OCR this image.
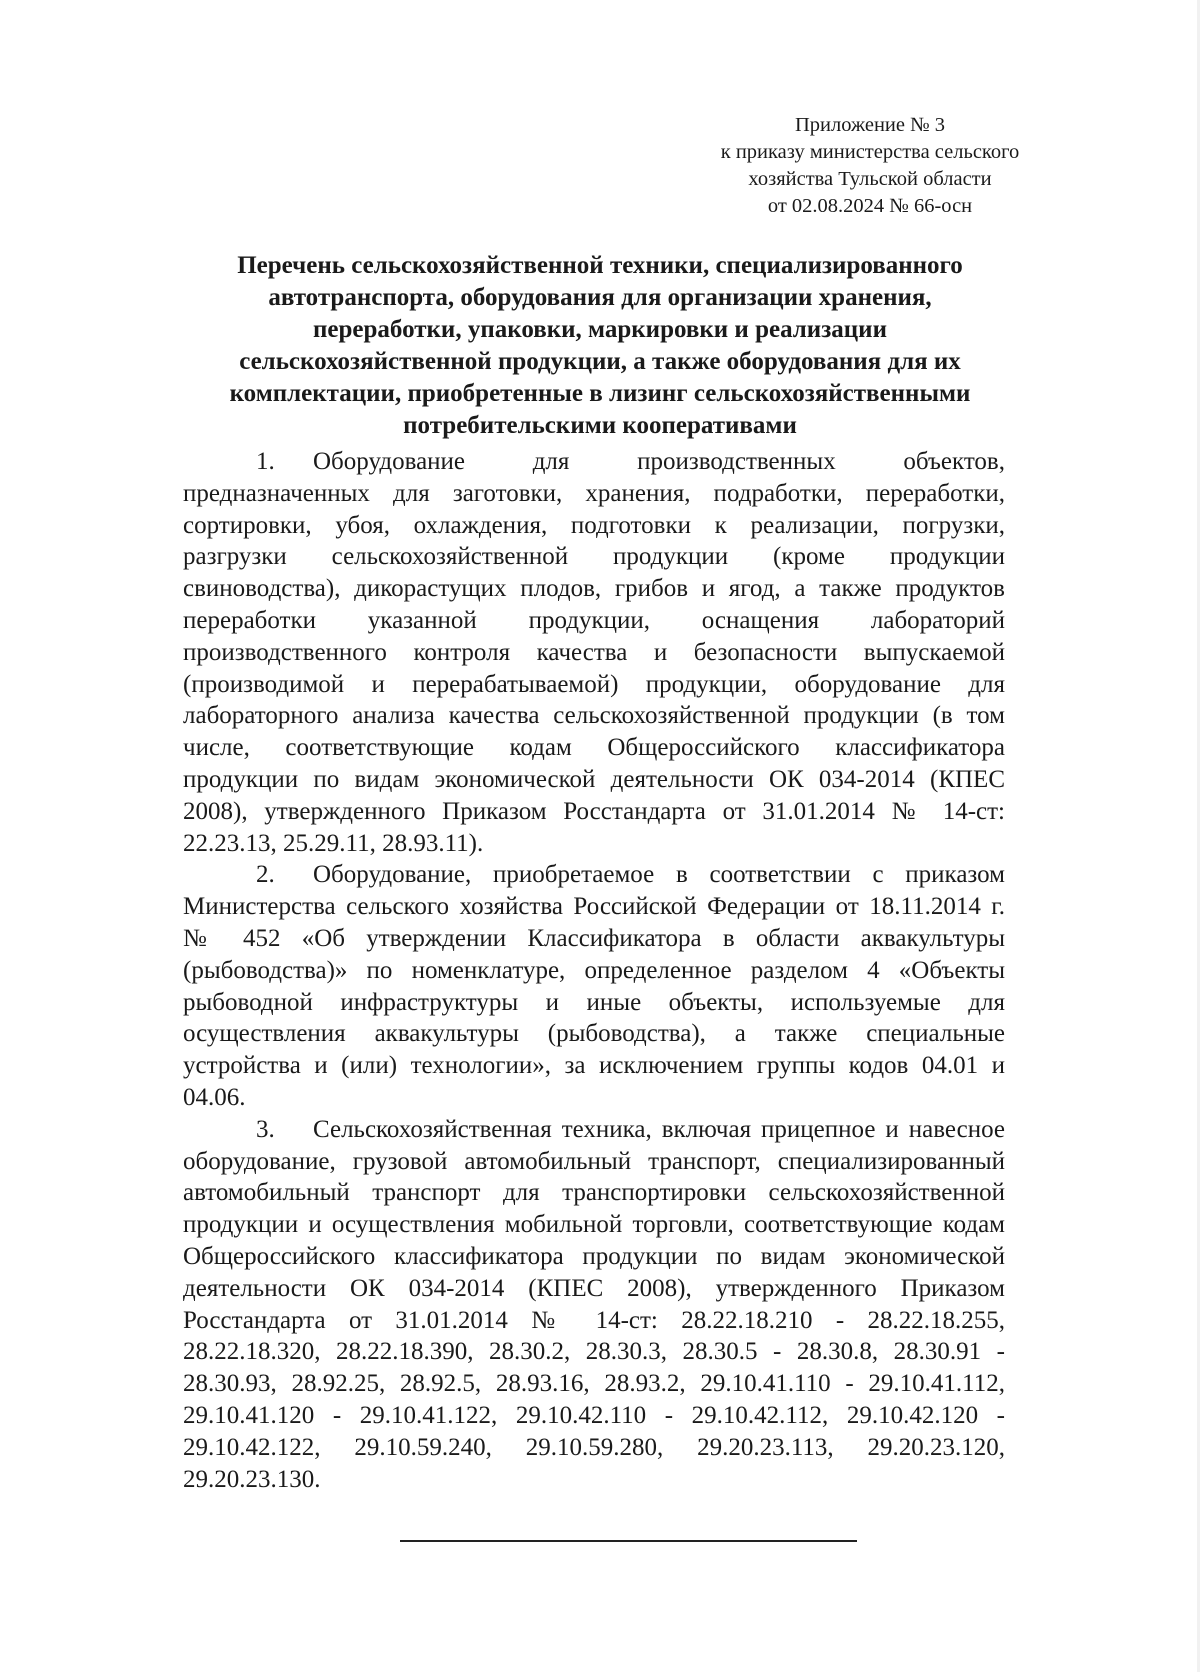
Приложение № 3
к приказу министерства сельского
хозяйства Тульской области
от 02.08.2024 № 66-осн
Перечень сельскохозяйственной техники, специализированного
автотранспорта, оборудования для организации хранения,
переработки, упаковки, маркировки и реализации
сельскохозяйственной продукции, а также оборудования для их
комплектации, приобретенные в лизинг сельскохозяйственными
потребительскими кооперативами

1. Оборудование для производственных объектов, предназначенных для заготовки, хранения, подработки, переработки, сортировки, убоя, охлаждения, подготовки к реализации, погрузки, разгрузки сельскохозяйственной продукции (кроме продукции свиноводства), дикорастущих плодов, грибов и ягод, а также продуктов переработки указанной продукции, оснащения лабораторий производственного контроля качества и безопасности выпускаемой (производимой и перерабатываемой) продукции, оборудование для лабораторного анализа качества сельскохозяйственной продукции (в том числе, соответствующие кодам Общероссийского классификатора продукции по видам экономической деятельности ОК 034-2014 (КПЕС 2008), утвержденного Приказом Росстандарта от 31.01.2014 № 14-ст: 22.23.13, 25.29.11, 28.93.11).

2. Оборудование, приобретаемое в соответствии с приказом Министерства сельского хозяйства Российской Федерации от 18.11.2014 г. № 452 «Об утверждении Классификатора в области аквакультуры (рыбоводства)» по номенклатуре, определенное разделом 4 «Объекты рыбоводной инфраструктуры и иные объекты, используемые для осуществления аквакультуры (рыбоводства), а также специальные устройства и (или) технологии», за исключением группы кодов 04.01 и 04.06.

3. Сельскохозяйственная техника, включая прицепное и навесное оборудование, грузовой автомобильный транспорт, специализированный автомобильный транспорт для транспортировки сельскохозяйственной продукции и осуществления мобильной торговли, соответствующие кодам Общероссийского классификатора продукции по видам экономической деятельности ОК 034-2014 (КПЕС 2008), утвержденного Приказом Росстандарта от 31.01.2014 № 14-ст: 28.22.18.210 - 28.22.18.255, 28.22.18.320, 28.22.18.390, 28.30.2, 28.30.3, 28.30.5 - 28.30.8, 28.30.91 - 28.30.93, 28.92.25, 28.92.5, 28.93.16, 28.93.2, 29.10.41.110 - 29.10.41.112, 29.10.41.120 - 29.10.41.122, 29.10.42.110 - 29.10.42.112, 29.10.42.120 - 29.10.42.122, 29.10.59.240, 29.10.59.280, 29.20.23.113, 29.20.23.120, 29.20.23.130.
